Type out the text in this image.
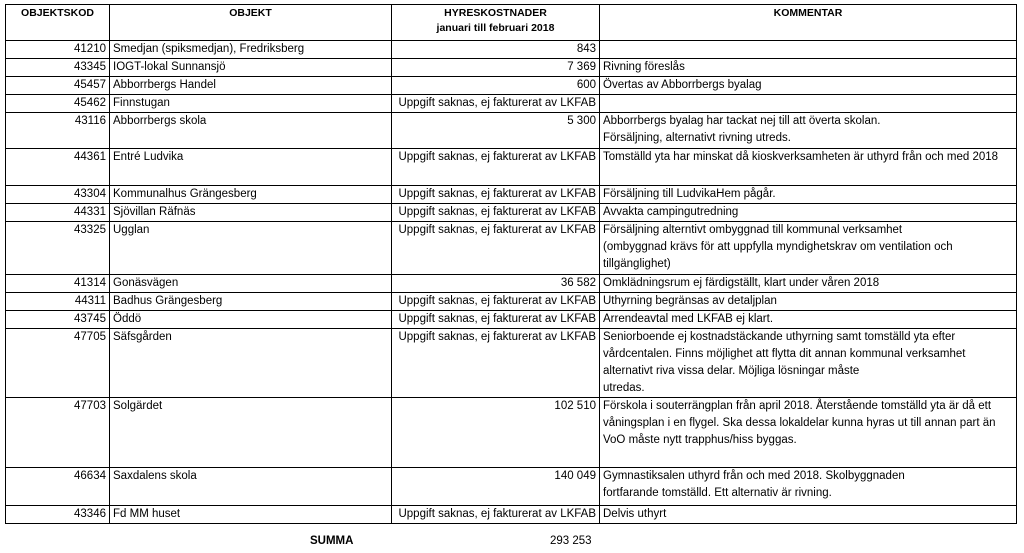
OBJEKTSKOD	OBJEKT	HYRESKOSTNADER
januari till februari 2018	KOMMENTAR
41210	Smedjan (spiksmedjan), Fredriksberg	843	
43345	IOGT-lokal Sunnansjö	7 369	Rivning föreslås

45457	Abborrbergs Handel	600	Övertas av Abborrbergs byalag

45462	Finnstugan	Uppgift saknas, ej fakturerat av LKFAB	
43116	Abborrbergs skola	5 300	Abborrbergs byalag har tackat nej till att överta skolan.
Försäljning, alternativt rivning utreds.

44361	Entré Ludvika	Uppgift saknas, ej fakturerat av LKFAB	Tomställd yta har minskat då kioskverksamheten är uthyrd från och med 2018

43304	Kommunalhus Grängesberg	Uppgift saknas, ej fakturerat av LKFAB	Försäljning till LudvikaHem pågår.

44331	Sjövillan Räfnäs	Uppgift saknas, ej fakturerat av LKFAB	Avvakta campingutredning

43325	Ugglan	Uppgift saknas, ej fakturerat av LKFAB	Försäljning alterntivt ombyggnad till kommunal verksamhet
(ombyggnad krävs för att uppfylla myndighetskrav om ventilation och
tillgänglighet)

41314	Gonäsvägen	36 582	Omklädningsrum ej färdigställt, klart under våren 2018

44311	Badhus Grängesberg	Uppgift saknas, ej fakturerat av LKFAB	Uthyrning begränsas av detaljplan

43745	Öddö	Uppgift saknas, ej fakturerat av LKFAB	Arrendeavtal med LKFAB ej klart.

47705	Säfsgården	Uppgift saknas, ej fakturerat av LKFAB	Seniorboende ej kostnadstäckande uthyrning samt tomställd yta efter
vårdcentalen. Finns möjlighet att flytta dit annan kommunal verksamhet
alternativt riva vissa delar. Möjliga lösningar måste
utredas.

47703	Solgärdet	102 510	Förskola i souterrängplan från april 2018. Återstående tomställd yta är då ett
våningsplan i en flygel. Ska dessa lokaldelar kunna hyras ut till annan part än
VoO måste nytt trapphus/hiss byggas.

46634	Saxdalens skola	140 049	Gymnastiksalen uthyrd från och med 2018. Skolbyggnaden
fortfarande tomställd. Ett alternativ är rivning.

43346	Fd MM huset	Uppgift saknas, ej fakturerat av LKFAB	Delvis uthyrt
SUMMA	293 253
